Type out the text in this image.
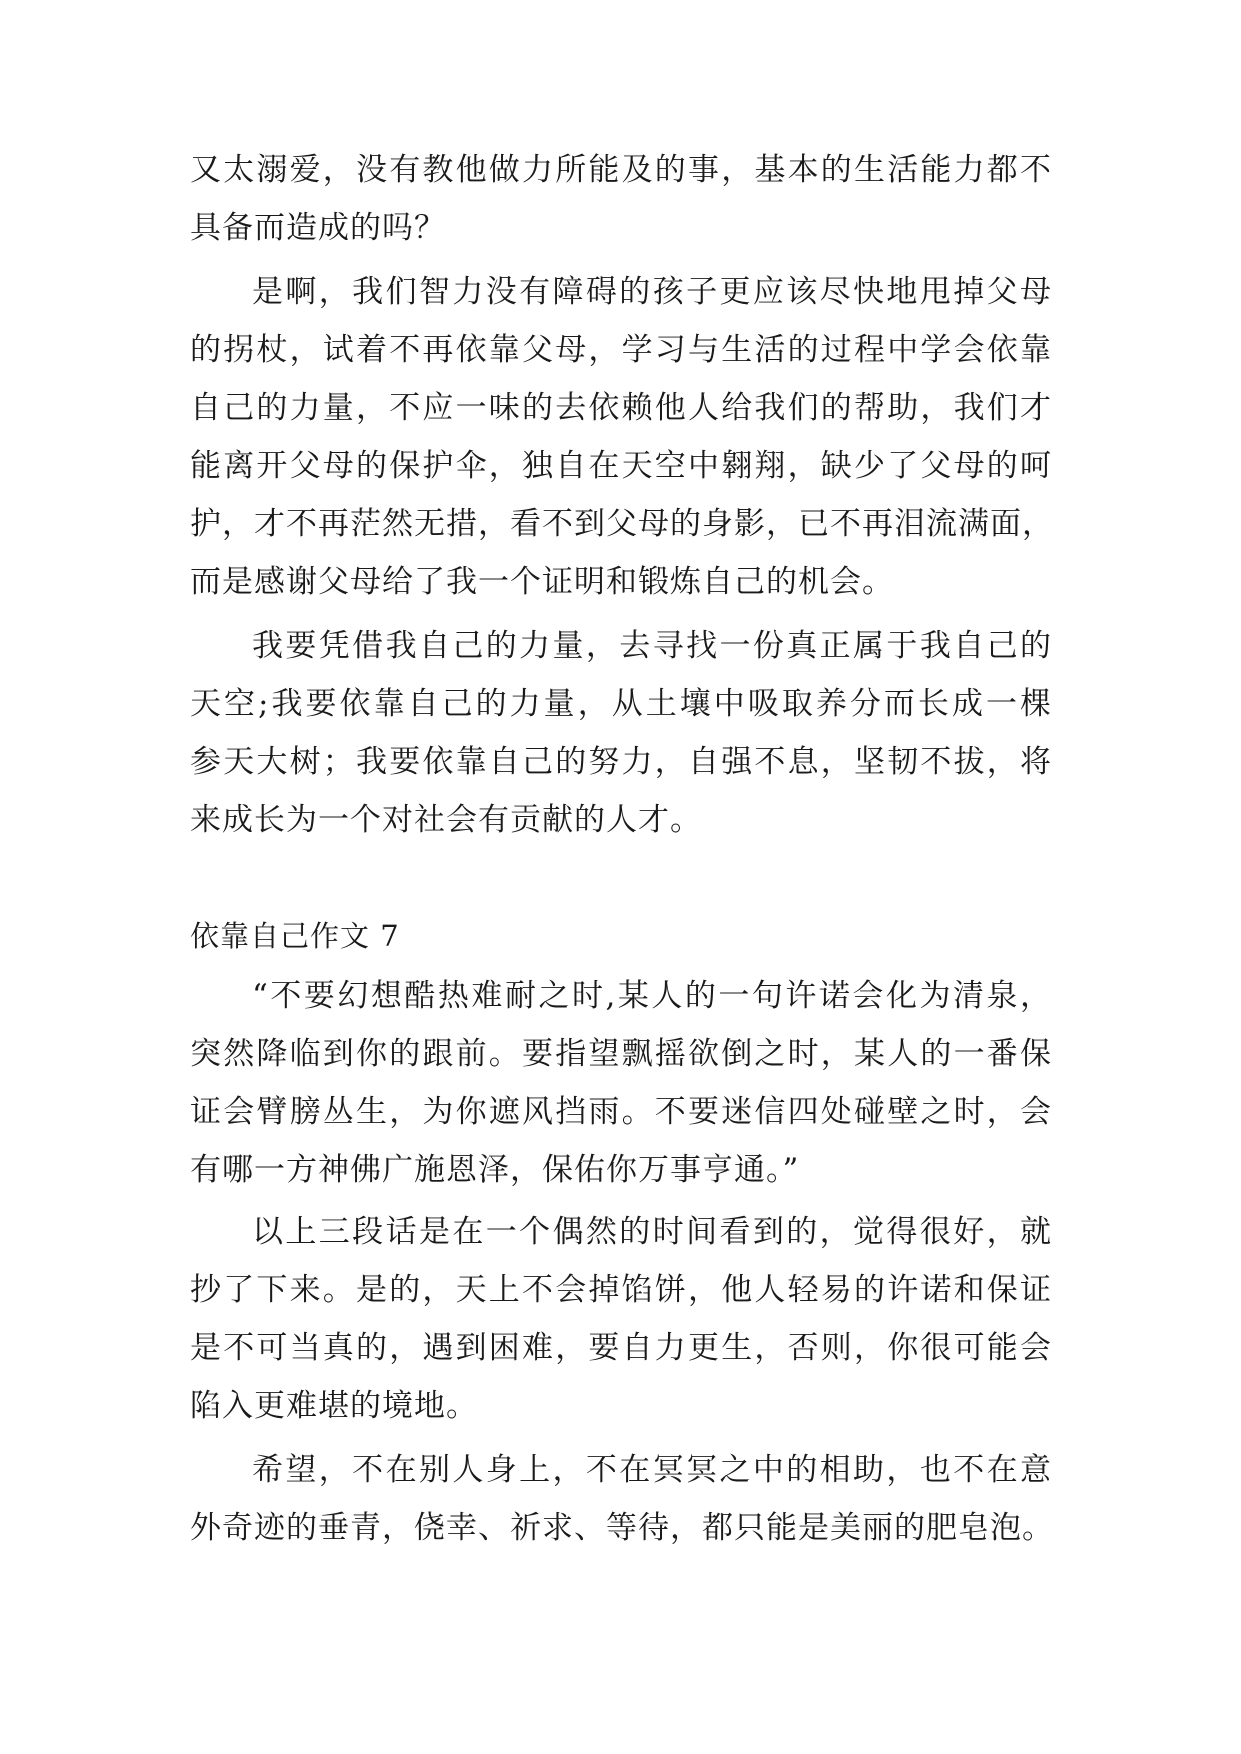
又太溺爱，没有教他做力所能及的事，基本的生活能力都不
具备而造成的吗？
是啊，我们智力没有障碍的孩子更应该尽快地甩掉父母
的拐杖，试着不再依靠父母，学习与生活的过程中学会依靠
自己的力量，不应一味的去依赖他人给我们的帮助，我们才
能离开父母的保护伞，独自在天空中翱翔，缺少了父母的呵
护，才不再茫然无措，看不到父母的身影，已不再泪流满面，
而是感谢父母给了我一个证明和锻炼自己的机会。
我要凭借我自己的力量，去寻找一份真正属于我自己的
天空;我要依靠自己的力量，从土壤中吸取养分而长成一棵
参天大树；我要依靠自己的努力，自强不息，坚韧不拔，将
来成长为一个对社会有贡献的人才。
依靠自己作文 7
“不要幻想酷热难耐之时,某人的一句许诺会化为清泉，
突然降临到你的跟前。要指望飘摇欲倒之时，某人的一番保
证会臂膀丛生，为你遮风挡雨。不要迷信四处碰壁之时，会
有哪一方神佛广施恩泽，保佑你万事亨通。”
以上三段话是在一个偶然的时间看到的，觉得很好，就
抄了下来。是的，天上不会掉馅饼，他人轻易的许诺和保证
是不可当真的，遇到困难，要自力更生，否则，你很可能会
陷入更难堪的境地。
希望，不在别人身上，不在冥冥之中的相助，也不在意
外奇迹的垂青，侥幸、祈求、等待，都只能是美丽的肥皂泡。
